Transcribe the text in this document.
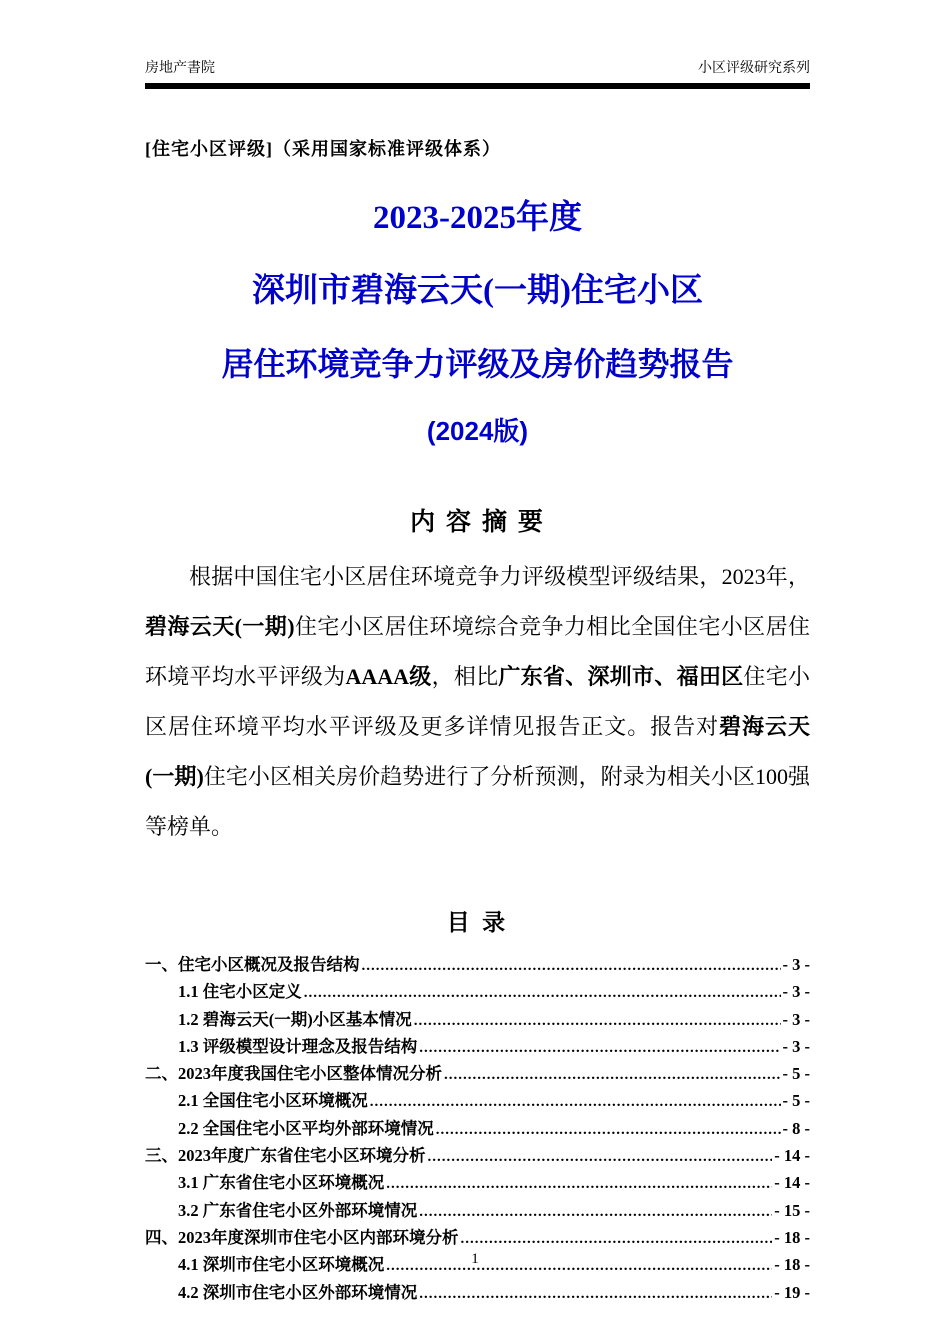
房地产書院	小区评级研究系列
[住宅小区评级]（采用国家标准评级体系）
2023-2025年度
深圳市碧海云天(一期)住宅小区
居住环境竞争力评级及房价趋势报告
(2024版)
内 容 摘 要
根据中国住宅小区居住环境竞争力评级模型评级结果，2023年，碧海云天(一期)住宅小区居住环境综合竞争力相比全国住宅小区居住环境平均水平评级为AAAA级，相比广东省、深圳市、福田区住宅小区居住环境平均水平评级及更多详情见报告正文。报告对碧海云天(一期)住宅小区相关房价趋势进行了分析预测，附录为相关小区100强等榜单。
目 录
一、住宅小区概况及报告结构 .....	- 3 -
1.1 住宅小区定义 .....	- 3 -
1.2 碧海云天(一期)小区基本情况 .....	- 3 -
1.3 评级模型设计理念及报告结构 .....	- 3 -
二、2023年度我国住宅小区整体情况分析 .....	- 5 -
2.1 全国住宅小区环境概况 .....	- 5 -
2.2 全国住宅小区平均外部环境情况 .....	- 8 -
三、2023年度广东省住宅小区环境分析 .....	- 14 -
3.1 广东省住宅小区环境概况 .....	- 14 -
3.2 广东省住宅小区外部环境情况 .....	- 15 -
四、2023年度深圳市住宅小区内部环境分析 .....	- 18 -
4.1 深圳市住宅小区环境概况 .....	- 18 -
4.2 深圳市住宅小区外部环境情况 .....	- 19 -
1
